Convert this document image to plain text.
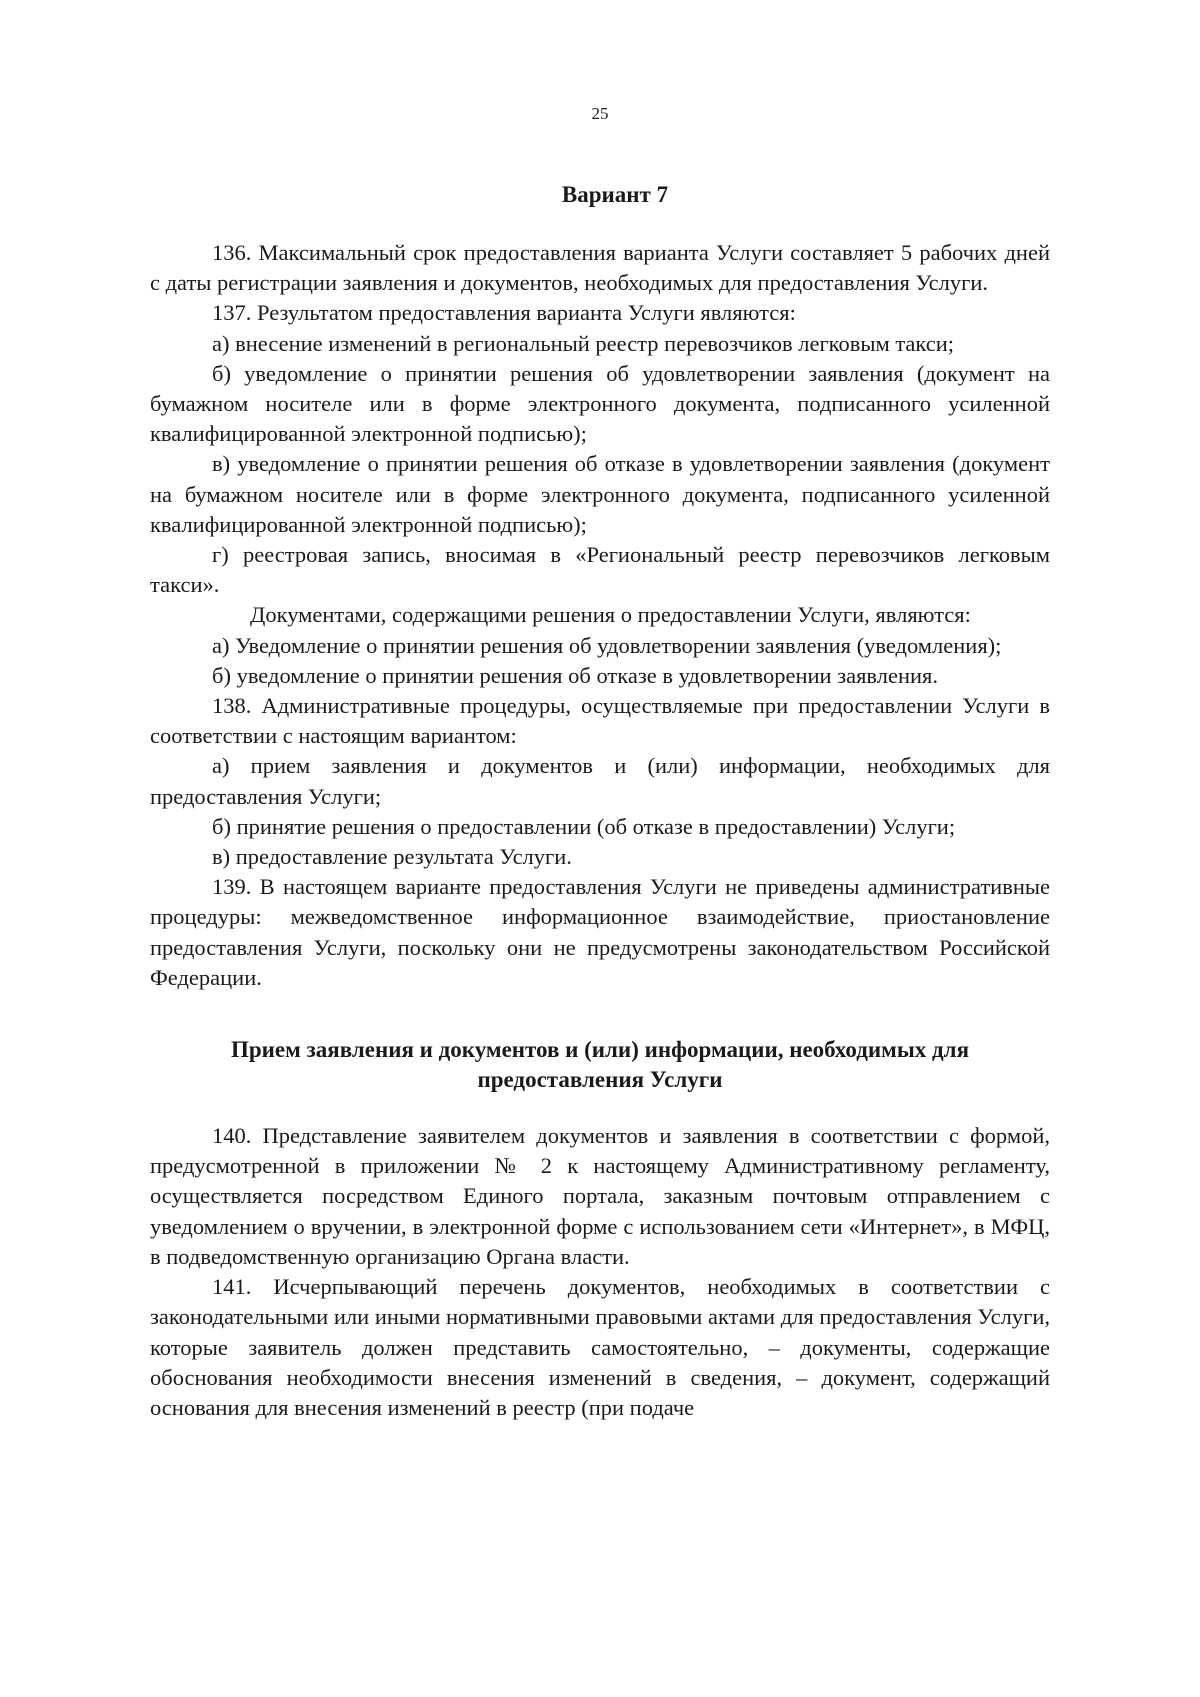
25
Вариант 7

136. Максимальный срок предоставления варианта Услуги составляет 5 рабочих дней с даты регистрации заявления и документов, необходимых для предоставления Услуги.

137. Результатом предоставления варианта Услуги являются:

а) внесение изменений в региональный реестр перевозчиков легковым такси;

б) уведомление о принятии решения об удовлетворении заявления (документ на бумажном носителе или в форме электронного документа, подписанного усиленной квалифицированной электронной подписью);

в) уведомление о принятии решения об отказе в удовлетворении заявления (документ на бумажном носителе или в форме электронного документа, подписанного усиленной квалифицированной электронной подписью);

г) реестровая запись, вносимая в «Региональный реестр перевозчиков легковым такси».

Документами, содержащими решения о предоставлении Услуги, являются:

а) Уведомление о принятии решения об удовлетворении заявления (уведомления);

б) уведомление о принятии решения об отказе в удовлетворении заявления.

138. Административные процедуры, осуществляемые при предоставлении Услуги в соответствии с настоящим вариантом:

а) прием заявления и документов и (или) информации, необходимых для предоставления Услуги;

б) принятие решения о предоставлении (об отказе в предоставлении) Услуги;

в) предоставление результата Услуги.

139. В настоящем варианте предоставления Услуги не приведены административные процедуры: межведомственное информационное взаимодействие, приостановление предоставления Услуги, поскольку они не предусмотрены законодательством Российской Федерации.

Прием заявления и документов и (или) информации, необходимых для предоставления Услуги

140. Представление заявителем документов и заявления в соответствии с формой, предусмотренной в приложении № 2 к настоящему Административному регламенту, осуществляется посредством Единого портала, заказным почтовым отправлением с уведомлением о вручении, в электронной форме с использованием сети «Интернет», в МФЦ, в подведомственную организацию Органа власти.

141. Исчерпывающий перечень документов, необходимых в соответствии с законодательными или иными нормативными правовыми актами для предоставления Услуги, которые заявитель должен представить самостоятельно, – документы, содержащие обоснования необходимости внесения изменений в сведения, – документ, содержащий основания для внесения изменений в реестр (при подаче
